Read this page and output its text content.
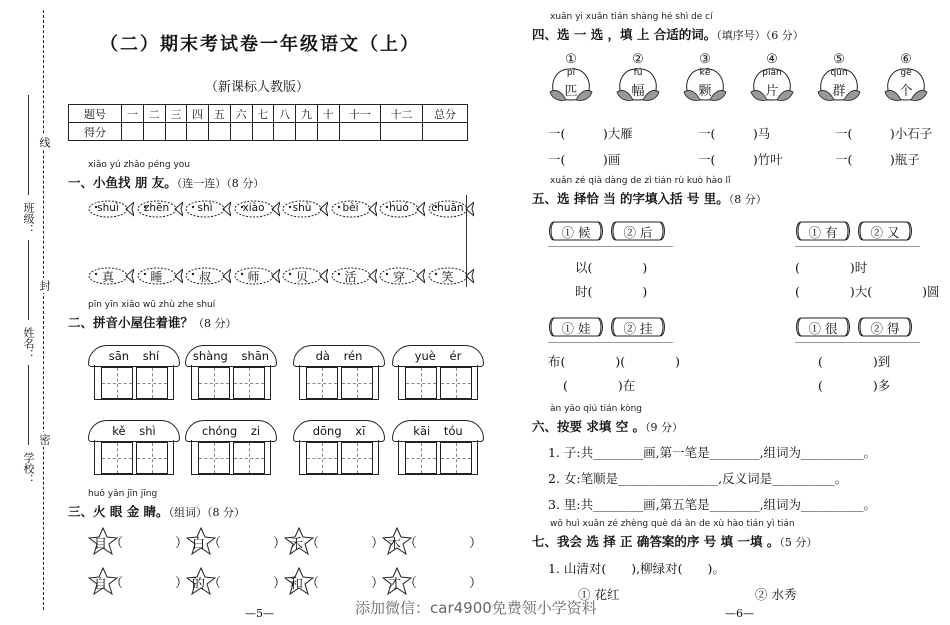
班级：
姓名：
学校：
线
封
密
（二）期末考试卷一年级语文（上）
（新课标人教版）
题号	一	二	三	四	五	六	七	八	九	十	十一	十二	总分
得分													
xiǎo yú zhǎo péng you
一、小鱼找 朋 友。（连一连）（8 分）
shuì	zhēn	shì	xiào	shù	bèi	huó	chuān
真	睡	叔	师	贝	活	穿	笑
pīn yīn xiǎo wū zhù zhe shuí
二、拼音小屋住着谁？（8 分）
sān shí	shàng shān	dà rén	yuè ér
kě shì	chóng zi	dōng xī	kāi tóu
huǒ yǎn jīn jīng
三、火 眼 金 睛。（组词）（8 分）
目 （　　　　） 白 （　　　　） 禾 （　　　　） 木 （　　　　）
自 （　　　　） 的 （　　　　） 和 （　　　　） 才 （　　　　）
—5—
xuǎn yi xuǎn tián shàng hé shì de cí
四、选 一 选 ，填 上 合适的词。（填序号）（6 分）
①
pǐ
匹
②
fú
幅
③
kē
颗
④
piàn
片
⑤
qún
群
⑥
gè
个
一(　　　)大雁	一(　　　)马	一(　　　)小石子
一(　　　)画	一(　　　)竹叶	一(　　　)瓶子
xuǎn zé qià dàng de zì tián rù kuò hào lǐ
五、选 择恰 当 的字填入括 号 里。（8 分）
① 候	② 后	① 有	② 又
① 娃	② 挂	① 很	② 得
以(　　　　)
时(　　　　)
(　　　　)时
(　　　　)大(　　　　)圆
布(　　　　)(　　　　)
(　　　　)在
(　　　　)到
(　　　　)多
àn yāo qiú tián kòng
六、按要 求填 空 。（9 分）
1. 子:共________画,第一笔是________,组词为__________。
2. 女:笔顺是________________,反义词是__________。
3. 里:共________画,第五笔是________,组词为__________。
wǒ huì xuǎn zé zhèng què dá àn de xù hào tián yì tián
七、我会 选 择 正 确答案的序 号 填 一填 。（5 分）
1. 山清对(　　),柳绿对(　　)。
① 花红	② 水秀
—6—
添加微信：car4900免费领小学资料
